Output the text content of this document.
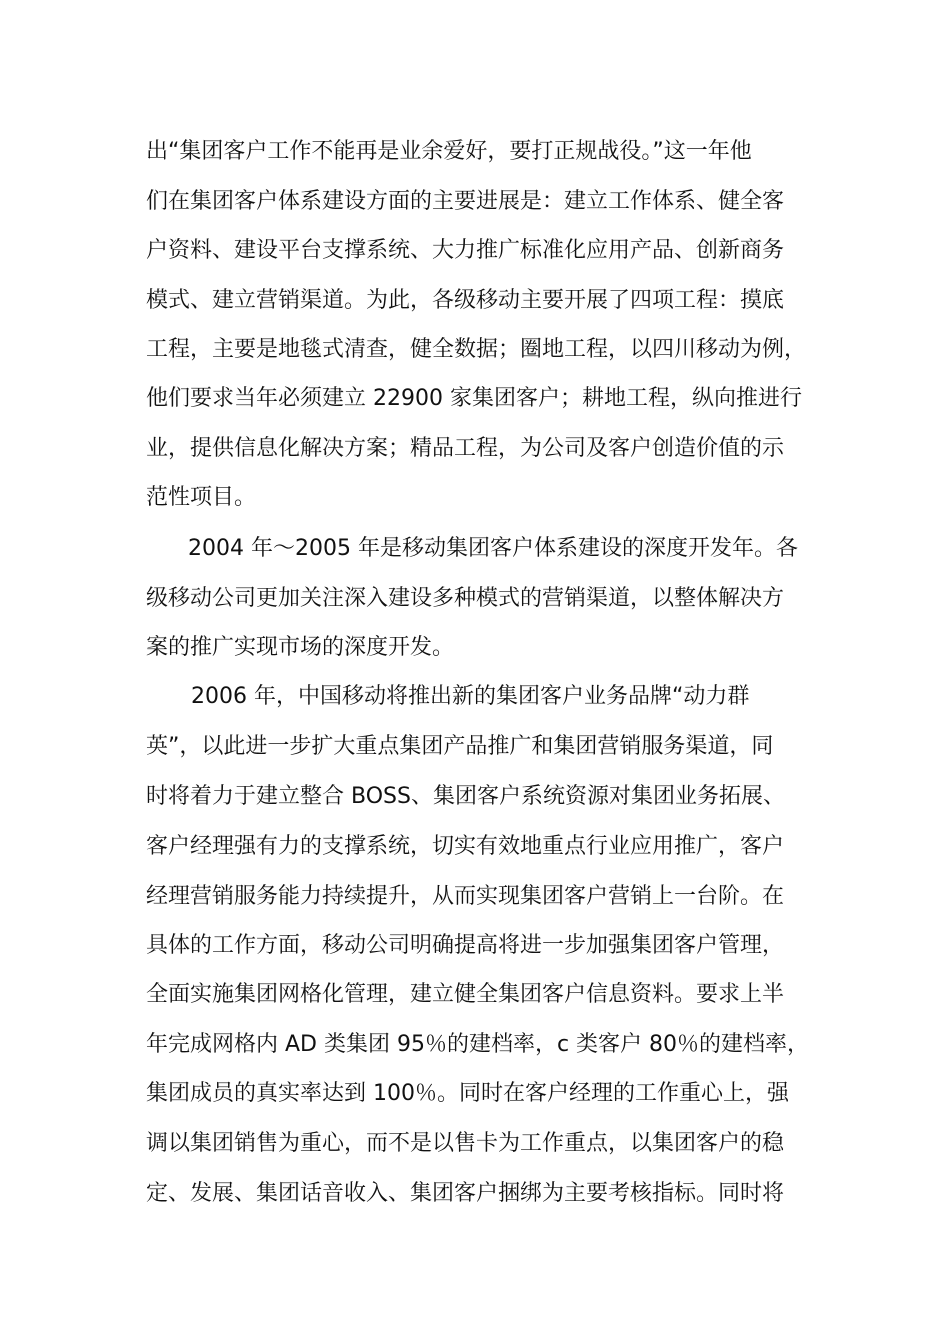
出“集团客户工作不能再是业余爱好，要打正规战役。”这一年他
们在集团客户体系建设方面的主要进展是：建立工作体系、健全客
户资料、建设平台支撑系统、大力推广标准化应用产品、创新商务
模式、建立营销渠道。为此，各级移动主要开展了四项工程：摸底
工程，主要是地毯式清查，健全数据；圈地工程，以四川移动为例，
他们要求当年必须建立 22900 家集团客户；耕地工程，纵向推进行
业，提供信息化解决方案；精品工程，为公司及客户创造价值的示
范性项目。
2004 年～2005 年是移动集团客户体系建设的深度开发年。各
级移动公司更加关注深入建设多种模式的营销渠道，以整体解决方
案的推广实现市场的深度开发。
2006 年，中国移动将推出新的集团客户业务品牌“动力群
英”，以此进一步扩大重点集团产品推广和集团营销服务渠道，同
时将着力于建立整合 BOSS、集团客户系统资源对集团业务拓展、
客户经理强有力的支撑系统，切实有效地重点行业应用推广，客户
经理营销服务能力持续提升，从而实现集团客户营销上一台阶。在
具体的工作方面，移动公司明确提高将进一步加强集团客户管理，
全面实施集团网格化管理，建立健全集团客户信息资料。要求上半
年完成网格内 AD 类集团 95％的建档率，c 类客户 80％的建档率，
集团成员的真实率达到 100％。同时在客户经理的工作重心上，强
调以集团销售为重心，而不是以售卡为工作重点，以集团客户的稳
定、发展、集团话音收入、集团客户捆绑为主要考核指标。同时将
